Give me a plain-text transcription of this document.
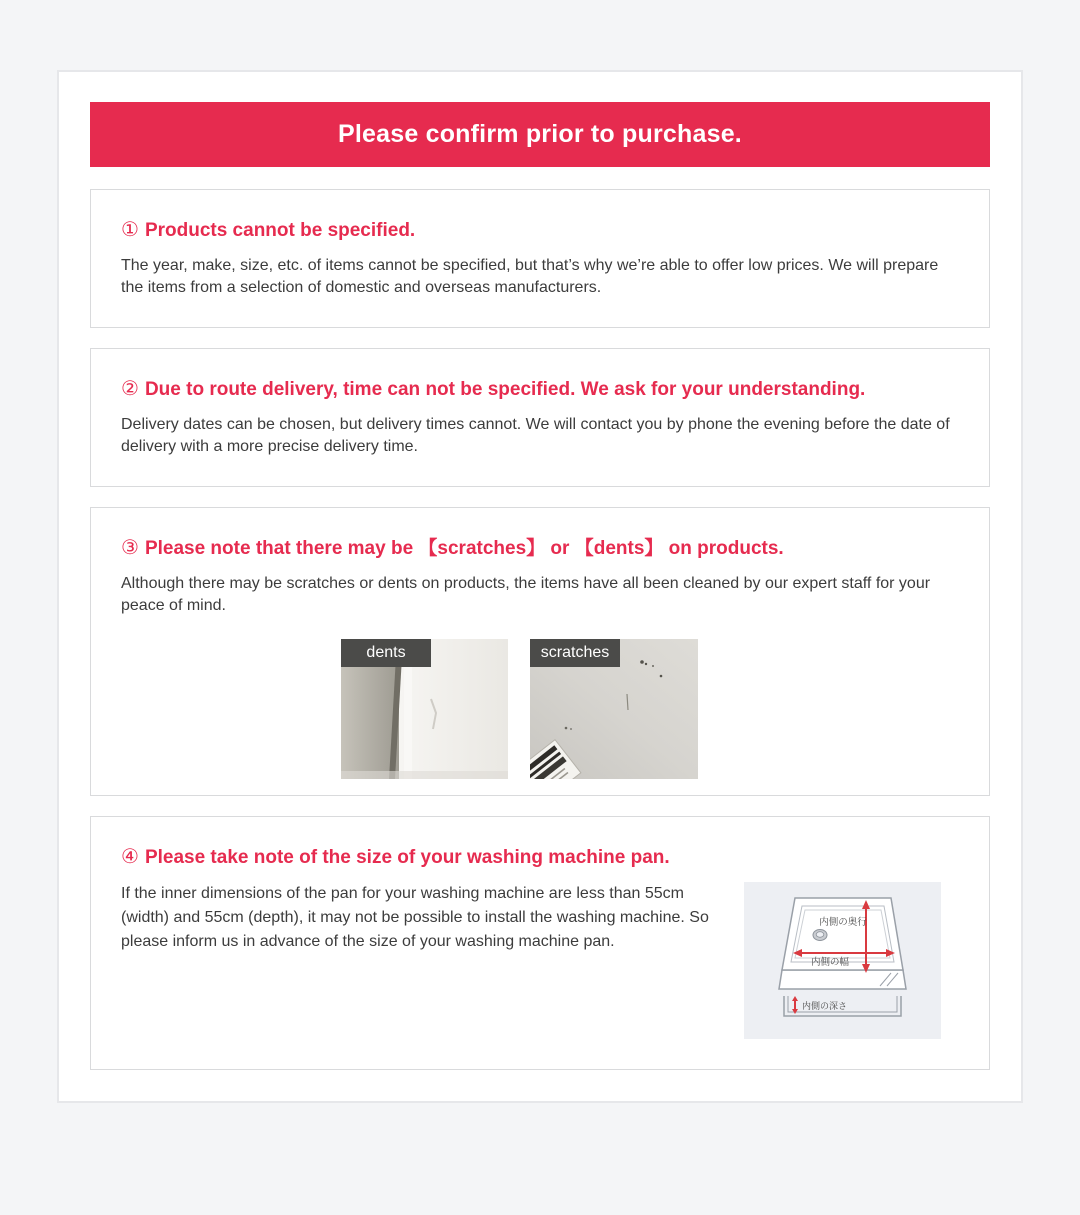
Please confirm prior to purchase.
① Products cannot be specified.

The year, make, size, etc. of items cannot be specified, but that’s why we’re able to offer low prices. We will prepare the items from a selection of domestic and overseas manufacturers.

② Due to route delivery, time can not be specified. We ask for your understanding.

Delivery dates can be chosen, but delivery times cannot. We will contact you by phone the evening before the date of delivery with a more precise delivery time.

③ Please note that there may be 【scratches】 or 【dents】 on products.

Although there may be scratches or dents on products, the items have all been cleaned by our expert staff for your peace of mind.

dents	scratches
④ Please take note of the size of your washing machine pan.

If the inner dimensions of the pan for your washing machine are less than 55cm (width) and 55cm (depth), it may not be possible to install the washing machine. So please inform us in advance of the size of your washing machine pan.

内側の奥行
内側の幅
内側の深さ
